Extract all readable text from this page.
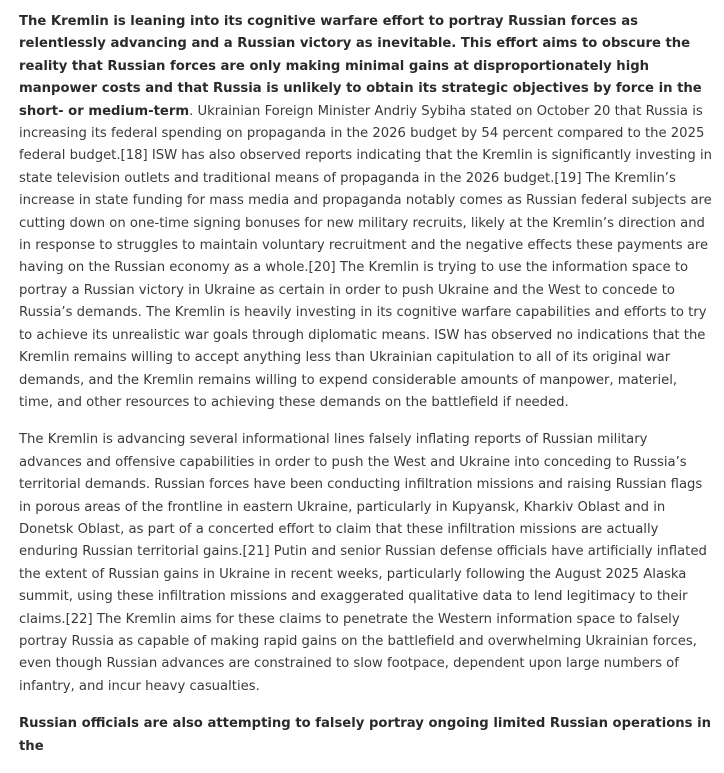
The Kremlin is leaning into its cognitive warfare effort to portray Russian forces as relentlessly advancing and a Russian victory as inevitable. This effort aims to obscure the reality that Russian forces are only making minimal gains at disproportionately high manpower costs and that Russia is unlikely to obtain its strategic objectives by force in the short- or medium-term. Ukrainian Foreign Minister Andriy Sybiha stated on October 20 that Russia is increasing its federal spending on propaganda in the 2026 budget by 54 percent compared to the 2025 federal budget.[18] ISW has also observed reports indicating that the Kremlin is significantly investing in state television outlets and traditional means of propaganda in the 2026 budget.[19] The Kremlin’s increase in state funding for mass media and propaganda notably comes as Russian federal subjects are cutting down on one-time signing bonuses for new military recruits, likely at the Kremlin’s direction and in response to struggles to maintain voluntary recruitment and the negative effects these payments are having on the Russian economy as a whole.[20] The Kremlin is trying to use the information space to portray a Russian victory in Ukraine as certain in order to push Ukraine and the West to concede to Russia’s demands. The Kremlin is heavily investing in its cognitive warfare capabilities and efforts to try to achieve its unrealistic war goals through diplomatic means. ISW has observed no indications that the Kremlin remains willing to accept anything less than Ukrainian capitulation to all of its original war demands, and the Kremlin remains willing to expend considerable amounts of manpower, materiel, time, and other resources to achieving these demands on the battlefield if needed.

The Kremlin is advancing several informational lines falsely inflating reports of Russian military advances and offensive capabilities in order to push the West and Ukraine into conceding to Russia’s territorial demands. Russian forces have been conducting infiltration missions and raising Russian flags in porous areas of the frontline in eastern Ukraine, particularly in Kupyansk, Kharkiv Oblast and in Donetsk Oblast, as part of a concerted effort to claim that these infiltration missions are actually enduring Russian territorial gains.[21] Putin and senior Russian defense officials have artificially inflated the extent of Russian gains in Ukraine in recent weeks, particularly following the August 2025 Alaska summit, using these infiltration missions and exaggerated qualitative data to lend legitimacy to their claims.[22] The Kremlin aims for these claims to penetrate the Western information space to falsely portray Russia as capable of making rapid gains on the battlefield and overwhelming Ukrainian forces, even though Russian advances are constrained to slow footpace, dependent upon large numbers of infantry, and incur heavy casualties.

Russian officials are also attempting to falsely portray ongoing limited Russian operations in the
